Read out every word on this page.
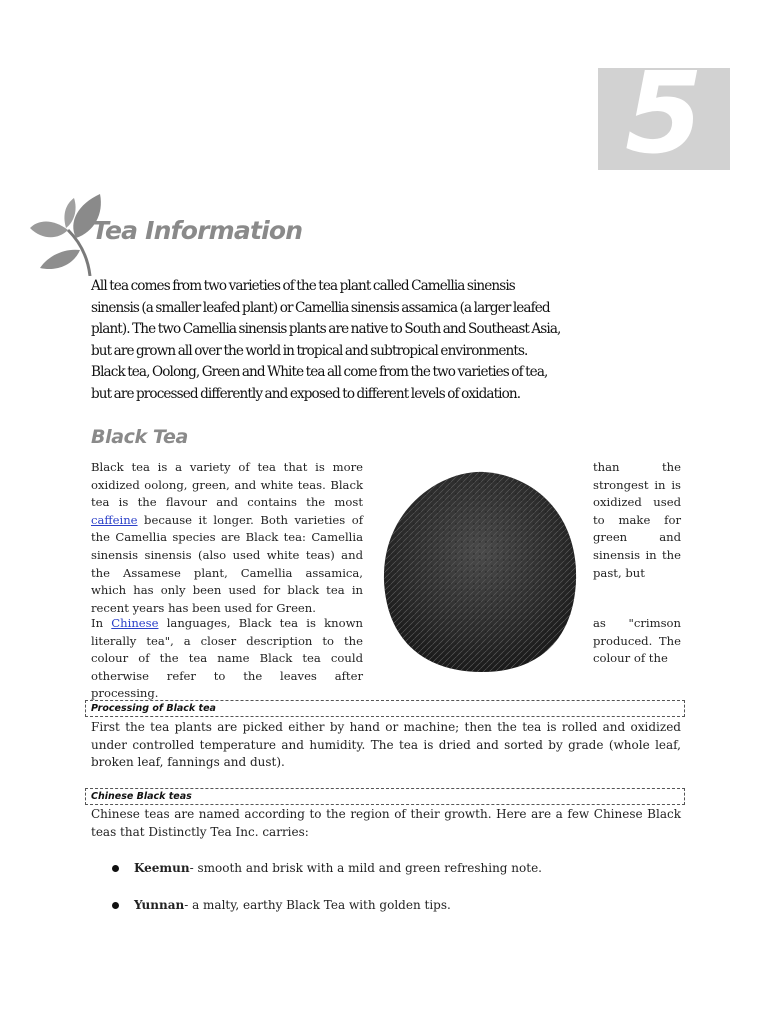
5
Tea Information

All tea comes from two varieties of the tea plant called Camellia sinensis sinensis (a smaller leafed plant) or Camellia sinensis assamica (a larger leafed plant). The two Camellia sinensis plants are native to South and Southeast Asia, but are grown all over the world in tropical and subtropical environments. Black tea, Oolong, Green and White tea all come from the two varieties of tea, but are processed differently and exposed to different levels of oxidation.

Black Tea

Black tea is a variety of tea that is more oxidized oolong, green, and white teas. Black tea is the flavour and contains the most caffeine because it longer. Both varieties of the Camellia species are Black tea: Camellia sinensis sinensis (also used white teas) and the Assamese plant, Camellia assamica, which has only been used for black tea in recent years has been used for Green.

than the strongest in is oxidized used to make for green and sinensis in the past, but

In Chinese languages, Black tea is known literally tea", a closer description to the colour of the tea name Black tea could otherwise refer to the leaves after processing.

as "crimson produced. The colour of the

Processing of Black tea

First the tea plants are picked either by hand or machine; then the tea is rolled and oxidized under controlled temperature and humidity. The tea is dried and sorted by grade (whole leaf, broken leaf, fannings and dust).

Chinese Black teas

Chinese teas are named according to the region of their growth. Here are a few Chinese Black teas that Distinctly Tea Inc. carries:

Keemun- smooth and brisk with a mild and green refreshing note.
Yunnan- a malty, earthy Black Tea with golden tips.
